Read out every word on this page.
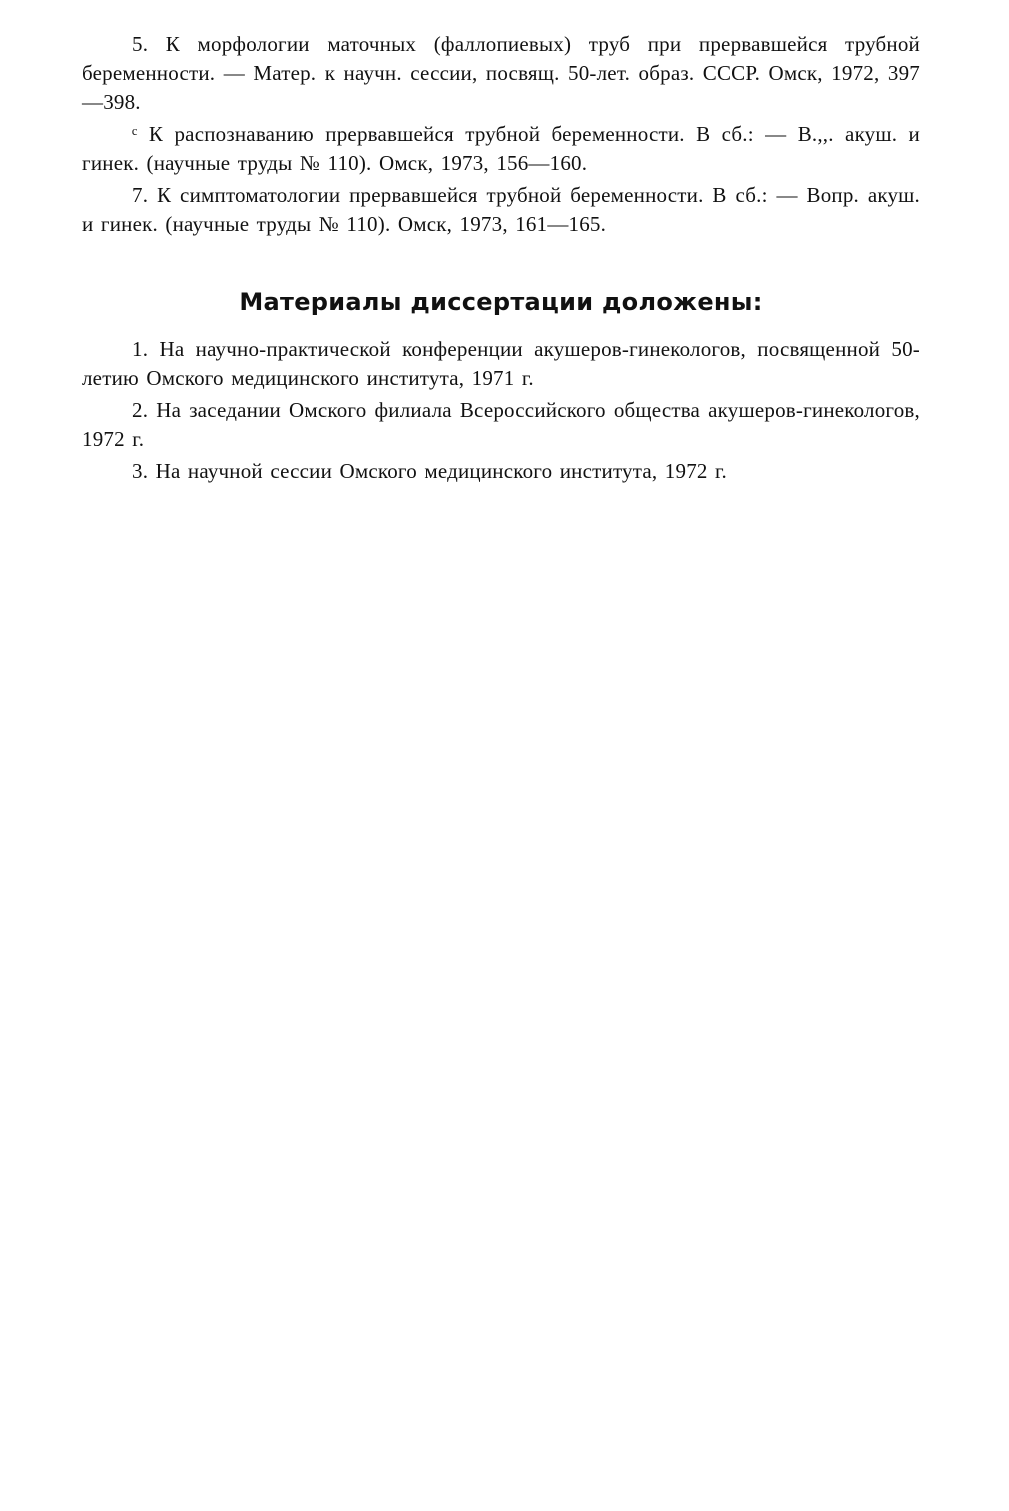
5. К морфологии маточных (фаллопиевых) труб при прервавшейся трубной беременности. — Матер. к научн. сессии, посвящ. 50-лет. образ. СССР. Омск, 1972, 397—398.

ᶜ К распознаванию прервавшейся трубной беременности. В сб.: — В.,,. акуш. и гинек. (научные труды № 110). Омск, 1973, 156—160.

7. К симптоматологии прервавшейся трубной беременности. В сб.: — Вопр. акуш. и гинек. (научные труды № 110). Омск, 1973, 161—165.

Материалы диссертации доложены:

1. На научно-практической конференции акушеров-гинекологов, посвященной 50-летию Омского медицинского института, 1971 г.

2. На заседании Омского филиала Всероссийского общества акушеров-гинекологов, 1972 г.

3. На научной сессии Омского медицинского института, 1972 г.
